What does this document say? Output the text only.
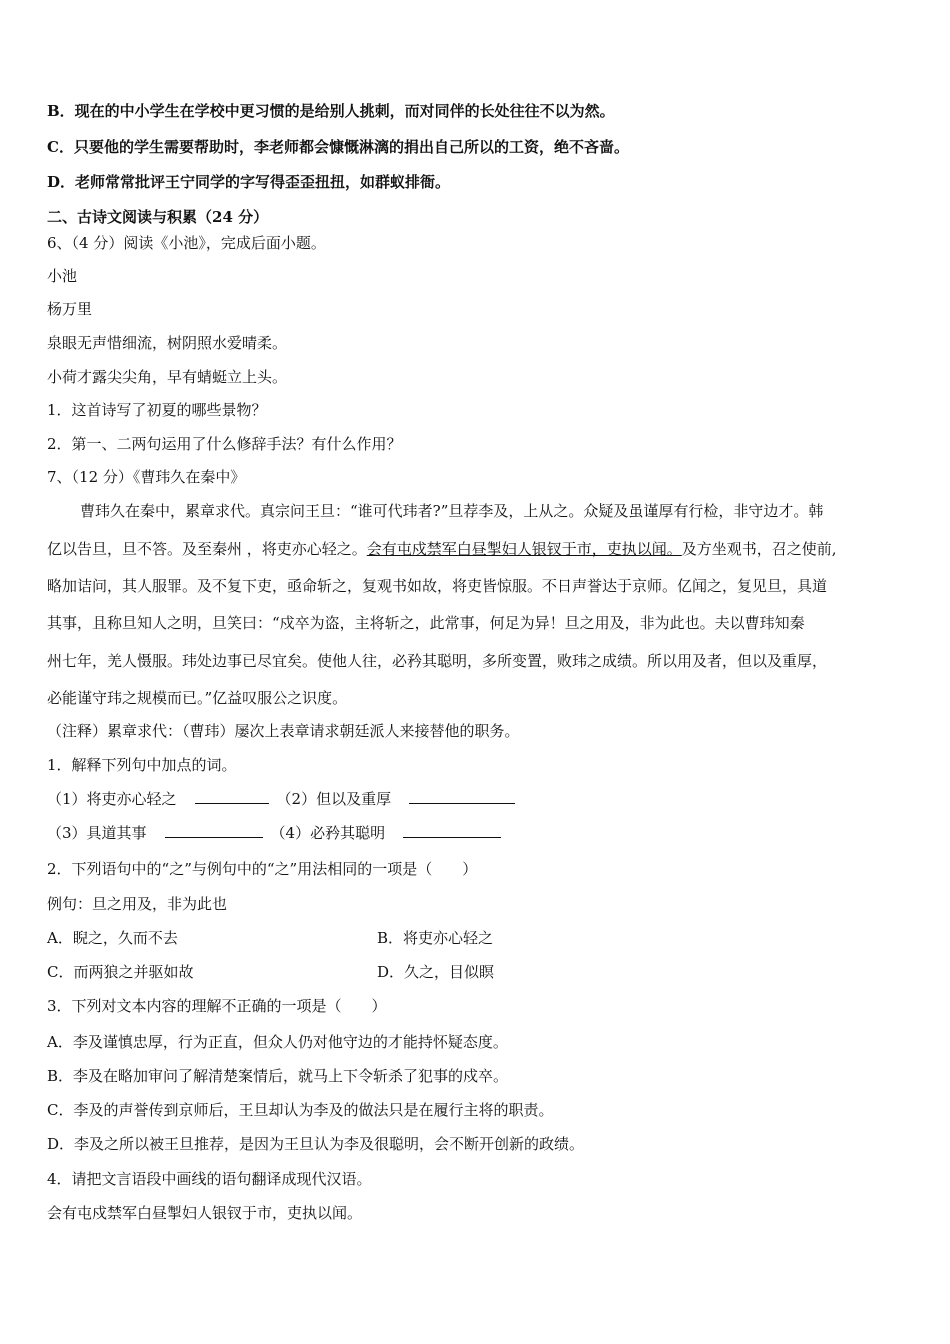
B．现在的中小学生在学校中更习惯的是给别人挑刺，而对同伴的长处往往不以为然。
C．只要他的学生需要帮助时，李老师都会慷慨淋漓的捐出自己所以的工资，绝不吝啬。
D．老师常常批评王宁同学的字写得歪歪扭扭，如群蚁排衙。
二、古诗文阅读与积累（24 分）
6、（4 分）阅读《小池》，完成后面小题。
小池
杨万里
泉眼无声惜细流，树阴照水爱晴柔。
小荷才露尖尖角，早有蜻蜓立上头。
1．这首诗写了初夏的哪些景物？
2．第一、二两句运用了什么修辞手法？有什么作用？
7、（12 分）《曹玮久在秦中》
曹玮久在秦中，累章求代。真宗问王旦：“谁可代玮者?”旦荐李及，上从之。众疑及虽谨厚有行检，非守边才。韩
亿以告旦，旦不答。及至秦州 ，将吏亦心轻之。会有屯戍禁军白昼掣妇人银钗于市，吏执以闻。及方坐观书，召之使前,
略加诘问，其人服罪。及不复下吏，亟命斩之，复观书如故，将吏皆惊服。不日声誉达于京师。亿闻之，复见旦，具道
其事，且称旦知人之明，旦笑曰：“戍卒为盗，主将斩之，此常事，何足为异！旦之用及，非为此也。夫以曹玮知秦
州七年，羌人慑服。玮处边事已尽宜矣。使他人往，必矜其聪明，多所变置，败玮之成绩。所以用及者，但以及重厚，
必能谨守玮之规模而已。”亿益叹服公之识度。
（注释）累章求代：（曹玮）屡次上表章请求朝廷派人来接替他的职务。
1．解释下列句中加点的词。
（1）将吏亦心轻之	（2）但以及重厚
（3）具道其事	（4）必矜其聪明
2．下列语句中的“之”与例句中的“之”用法相同的一项是（　　）
例句：旦之用及，非为此也
A．睨之，久而不去	B．将吏亦心轻之
C．而两狼之并驱如故	D．久之，目似瞑
3．下列对文本内容的理解不正确的一项是（　　）
A．李及谨慎忠厚，行为正直，但众人仍对他守边的才能持怀疑态度。
B．李及在略加审问了解清楚案情后，就马上下令斩杀了犯事的戍卒。
C．李及的声誉传到京师后，王旦却认为李及的做法只是在履行主将的职责。
D．李及之所以被王旦推荐，是因为王旦认为李及很聪明，会不断开创新的政绩。
4．请把文言语段中画线的语句翻译成现代汉语。
会有屯戍禁军白昼掣妇人银钗于市，吏执以闻。
